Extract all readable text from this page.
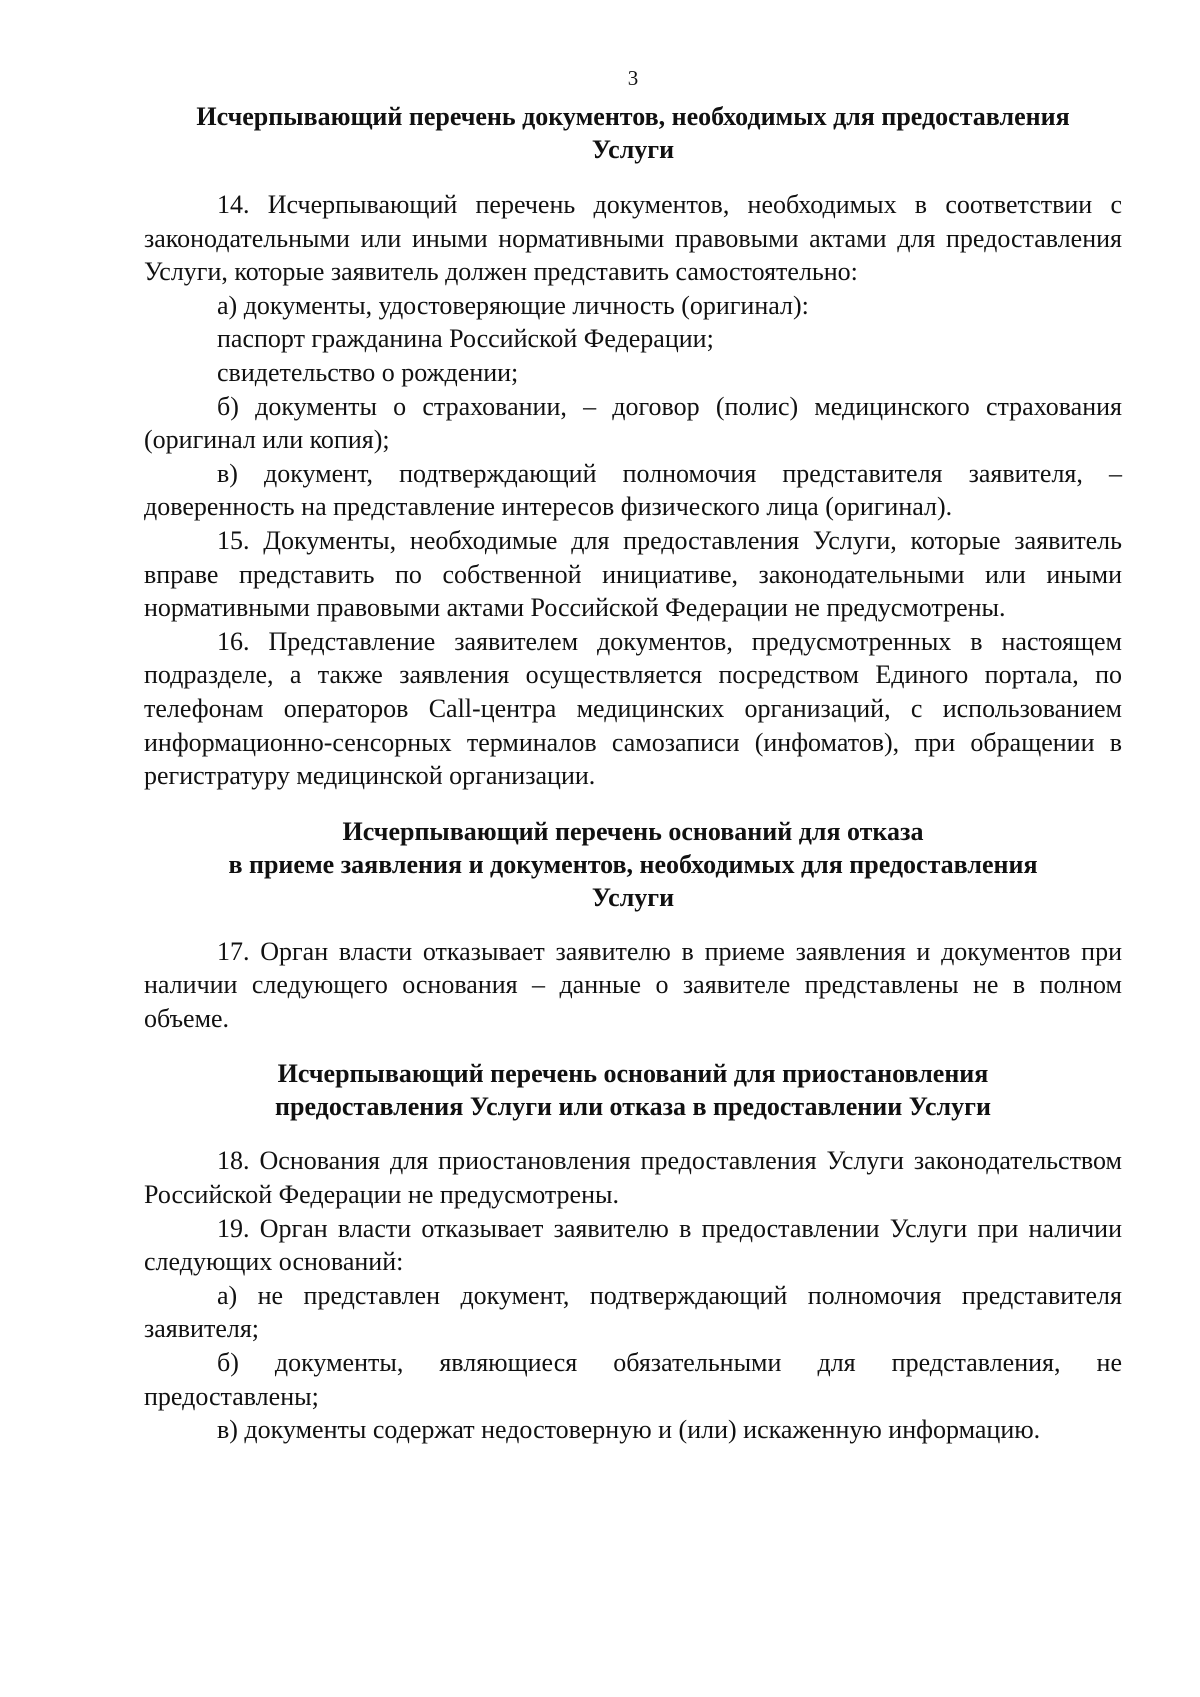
3
Исчерпывающий перечень документов, необходимых для предоставления
Услуги

14. Исчерпывающий перечень документов, необходимых в соответствии с законодательными или иными нормативными правовыми актами для предоставления Услуги, которые заявитель должен представить самостоятельно:

а) документы, удостоверяющие личность (оригинал):

паспорт гражданина Российской Федерации;

свидетельство о рождении;

б) документы о страховании, – договор (полис) медицинского страхования (оригинал или копия);

в) документ, подтверждающий полномочия представителя заявителя, – доверенность на представление интересов физического лица (оригинал).

15. Документы, необходимые для предоставления Услуги, которые заявитель вправе представить по собственной инициативе, законодательными или иными нормативными правовыми актами Российской Федерации не предусмотрены.

16. Представление заявителем документов, предусмотренных в настоящем подразделе, а также заявления осуществляется посредством Единого портала, по телефонам операторов Call-центра медицинских организаций, с использованием информационно-сенсорных терминалов самозаписи (инфоматов), при обращении в регистратуру медицинской организации.

Исчерпывающий перечень оснований для отказа
в приеме заявления и документов, необходимых для предоставления
Услуги

17. Орган власти отказывает заявителю в приеме заявления и документов при наличии следующего основания – данные о заявителе представлены не в полном объеме.

Исчерпывающий перечень оснований для приостановления
предоставления Услуги или отказа в предоставлении Услуги

18. Основания для приостановления предоставления Услуги законодательством Российской Федерации не предусмотрены.

19. Орган власти отказывает заявителю в предоставлении Услуги при наличии следующих оснований:

а) не представлен документ, подтверждающий полномочия представителя заявителя;

б) документы, являющиеся обязательными для представления, не предоставлены;

в) документы содержат недостоверную и (или) искаженную информацию.
